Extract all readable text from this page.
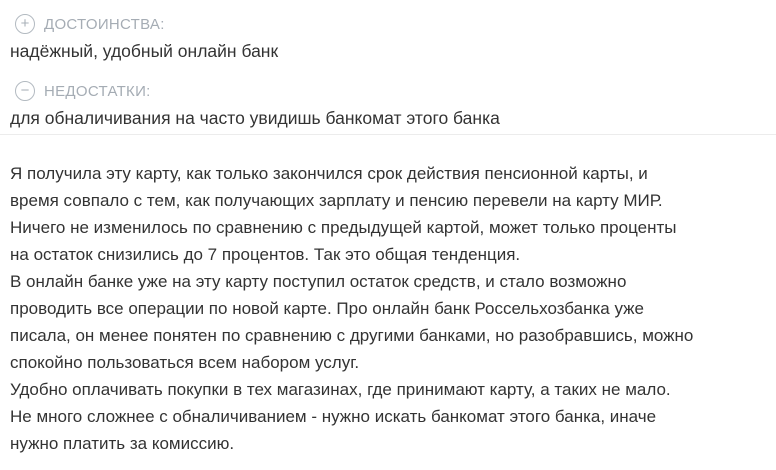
+ ДОСТОИНСТВА:
надёжный, удобный онлайн банк
− НЕДОСТАТКИ:
для обналичивания на часто увидишь банкомат этого банка
Я получила эту карту, как только закончился срок действия пенсионной карты, и
время совпало с тем, как получающих зарплату и пенсию перевели на карту МИР.
Ничего не изменилось по сравнению с предыдущей картой, может только проценты
на остаток снизились до 7 процентов. Так это общая тенденция.
В онлайн банке уже на эту карту поступил остаток средств, и стало возможно
проводить все операции по новой карте. Про онлайн банк Россельхозбанка уже
писала, он менее понятен по сравнению с другими банками, но разобравшись, можно
спокойно пользоваться всем набором услуг.
Удобно оплачивать покупки в тех магазинах, где принимают карту, а таких не мало.
Не много сложнее с обналичиванием - нужно искать банкомат этого банка, иначе
нужно платить за комиссию.
